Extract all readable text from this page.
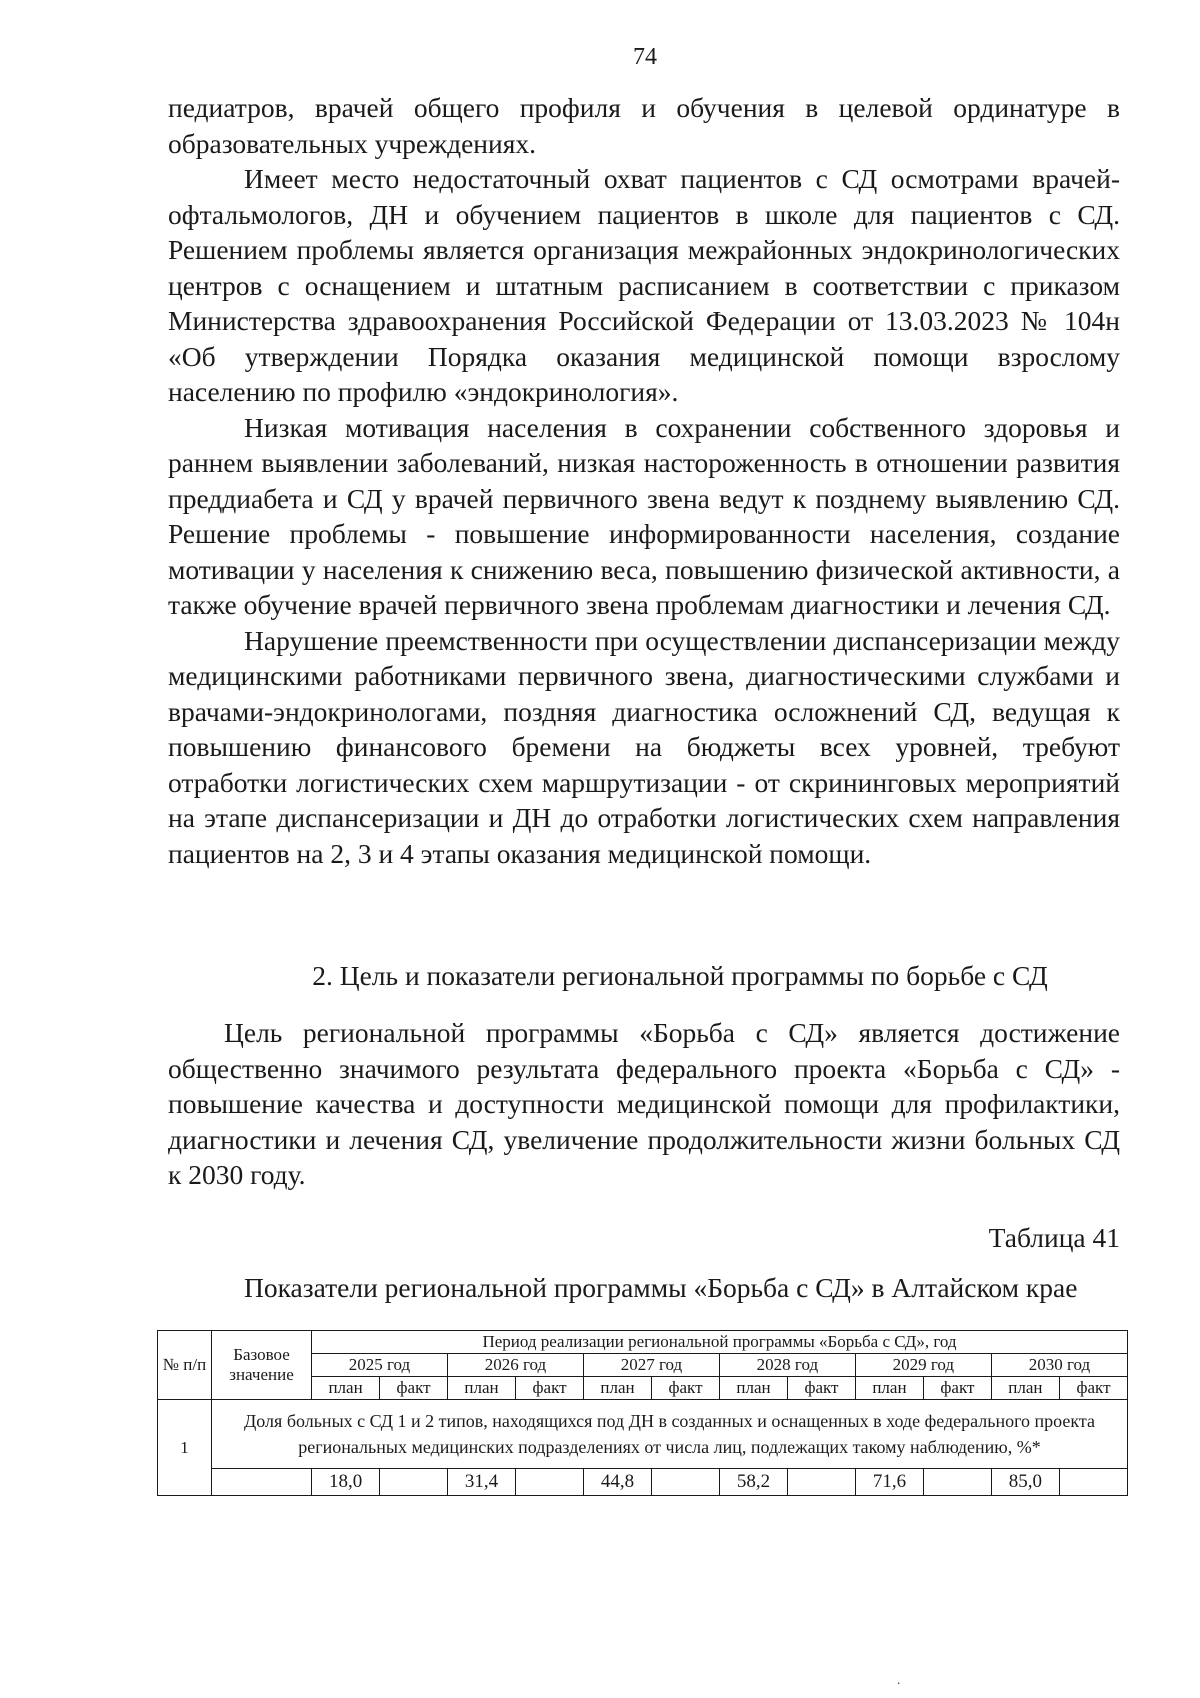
74

педиатров, врачей общего профиля и обучения в целевой ординатуре в образовательных учреждениях.

Имеет место недостаточный охват пациентов с СД осмотрами врачей-офтальмологов, ДН и обучением пациентов в школе для пациентов с СД. Решением проблемы является организация межрайонных эндокринологических центров с оснащением и штатным расписанием в соответствии с приказом Министерства здравоохранения Российской Федерации от 13.03.2023 № 104н «Об утверждении Порядка оказания медицинской помощи взрослому населению по профилю «эндокринология».

Низкая мотивация населения в сохранении собственного здоровья и раннем выявлении заболеваний, низкая настороженность в отношении развития преддиабета и СД у врачей первичного звена ведут к позднему выявлению СД. Решение проблемы - повышение информированности населения, создание мотивации у населения к снижению веса, повышению физической активности, а также обучение врачей первичного звена проблемам диагностики и лечения СД.

Нарушение преемственности при осуществлении диспансеризации между медицинскими работниками первичного звена, диагностическими службами и врачами-эндокринологами, поздняя диагностика осложнений СД, ведущая к повышению финансового бремени на бюджеты всех уровней, требуют отработки логистических схем маршрутизации - от скрининговых мероприятий на этапе диспансеризации и ДН до отработки логистических схем направления пациентов на 2, 3 и 4 этапы оказания медицинской помощи.

2. Цель и показатели региональной программы по борьбе с СД
Цель региональной программы «Борьба с СД» является достижение общественно значимого результата федерального проекта «Борьба с СД» - повышение качества и доступности медицинской помощи для профилактики, диагностики и лечения СД, увеличение продолжительности жизни больных СД к 2030 году.
Таблица 41
Показатели региональной программы «Борьба с СД» в Алтайском крае
№ п/п	Базовое значение	Период реализации региональной программы «Борьба с СД», год											
		2025 год		2026 год		2027 год		2028 год		2029 год		2030 год	
		план	факт	план	факт	план	факт	план	факт	план	факт	план	факт
1	Доля больных с СД 1 и 2 типов, находящихся под ДН в созданных и оснащенных в ходе федерального проекта региональных медицинских подразделениях от числа лиц, подлежащих такому наблюдению, %*												
		18,0		31,4		44,8		58,2		71,6		85,0	
˙
